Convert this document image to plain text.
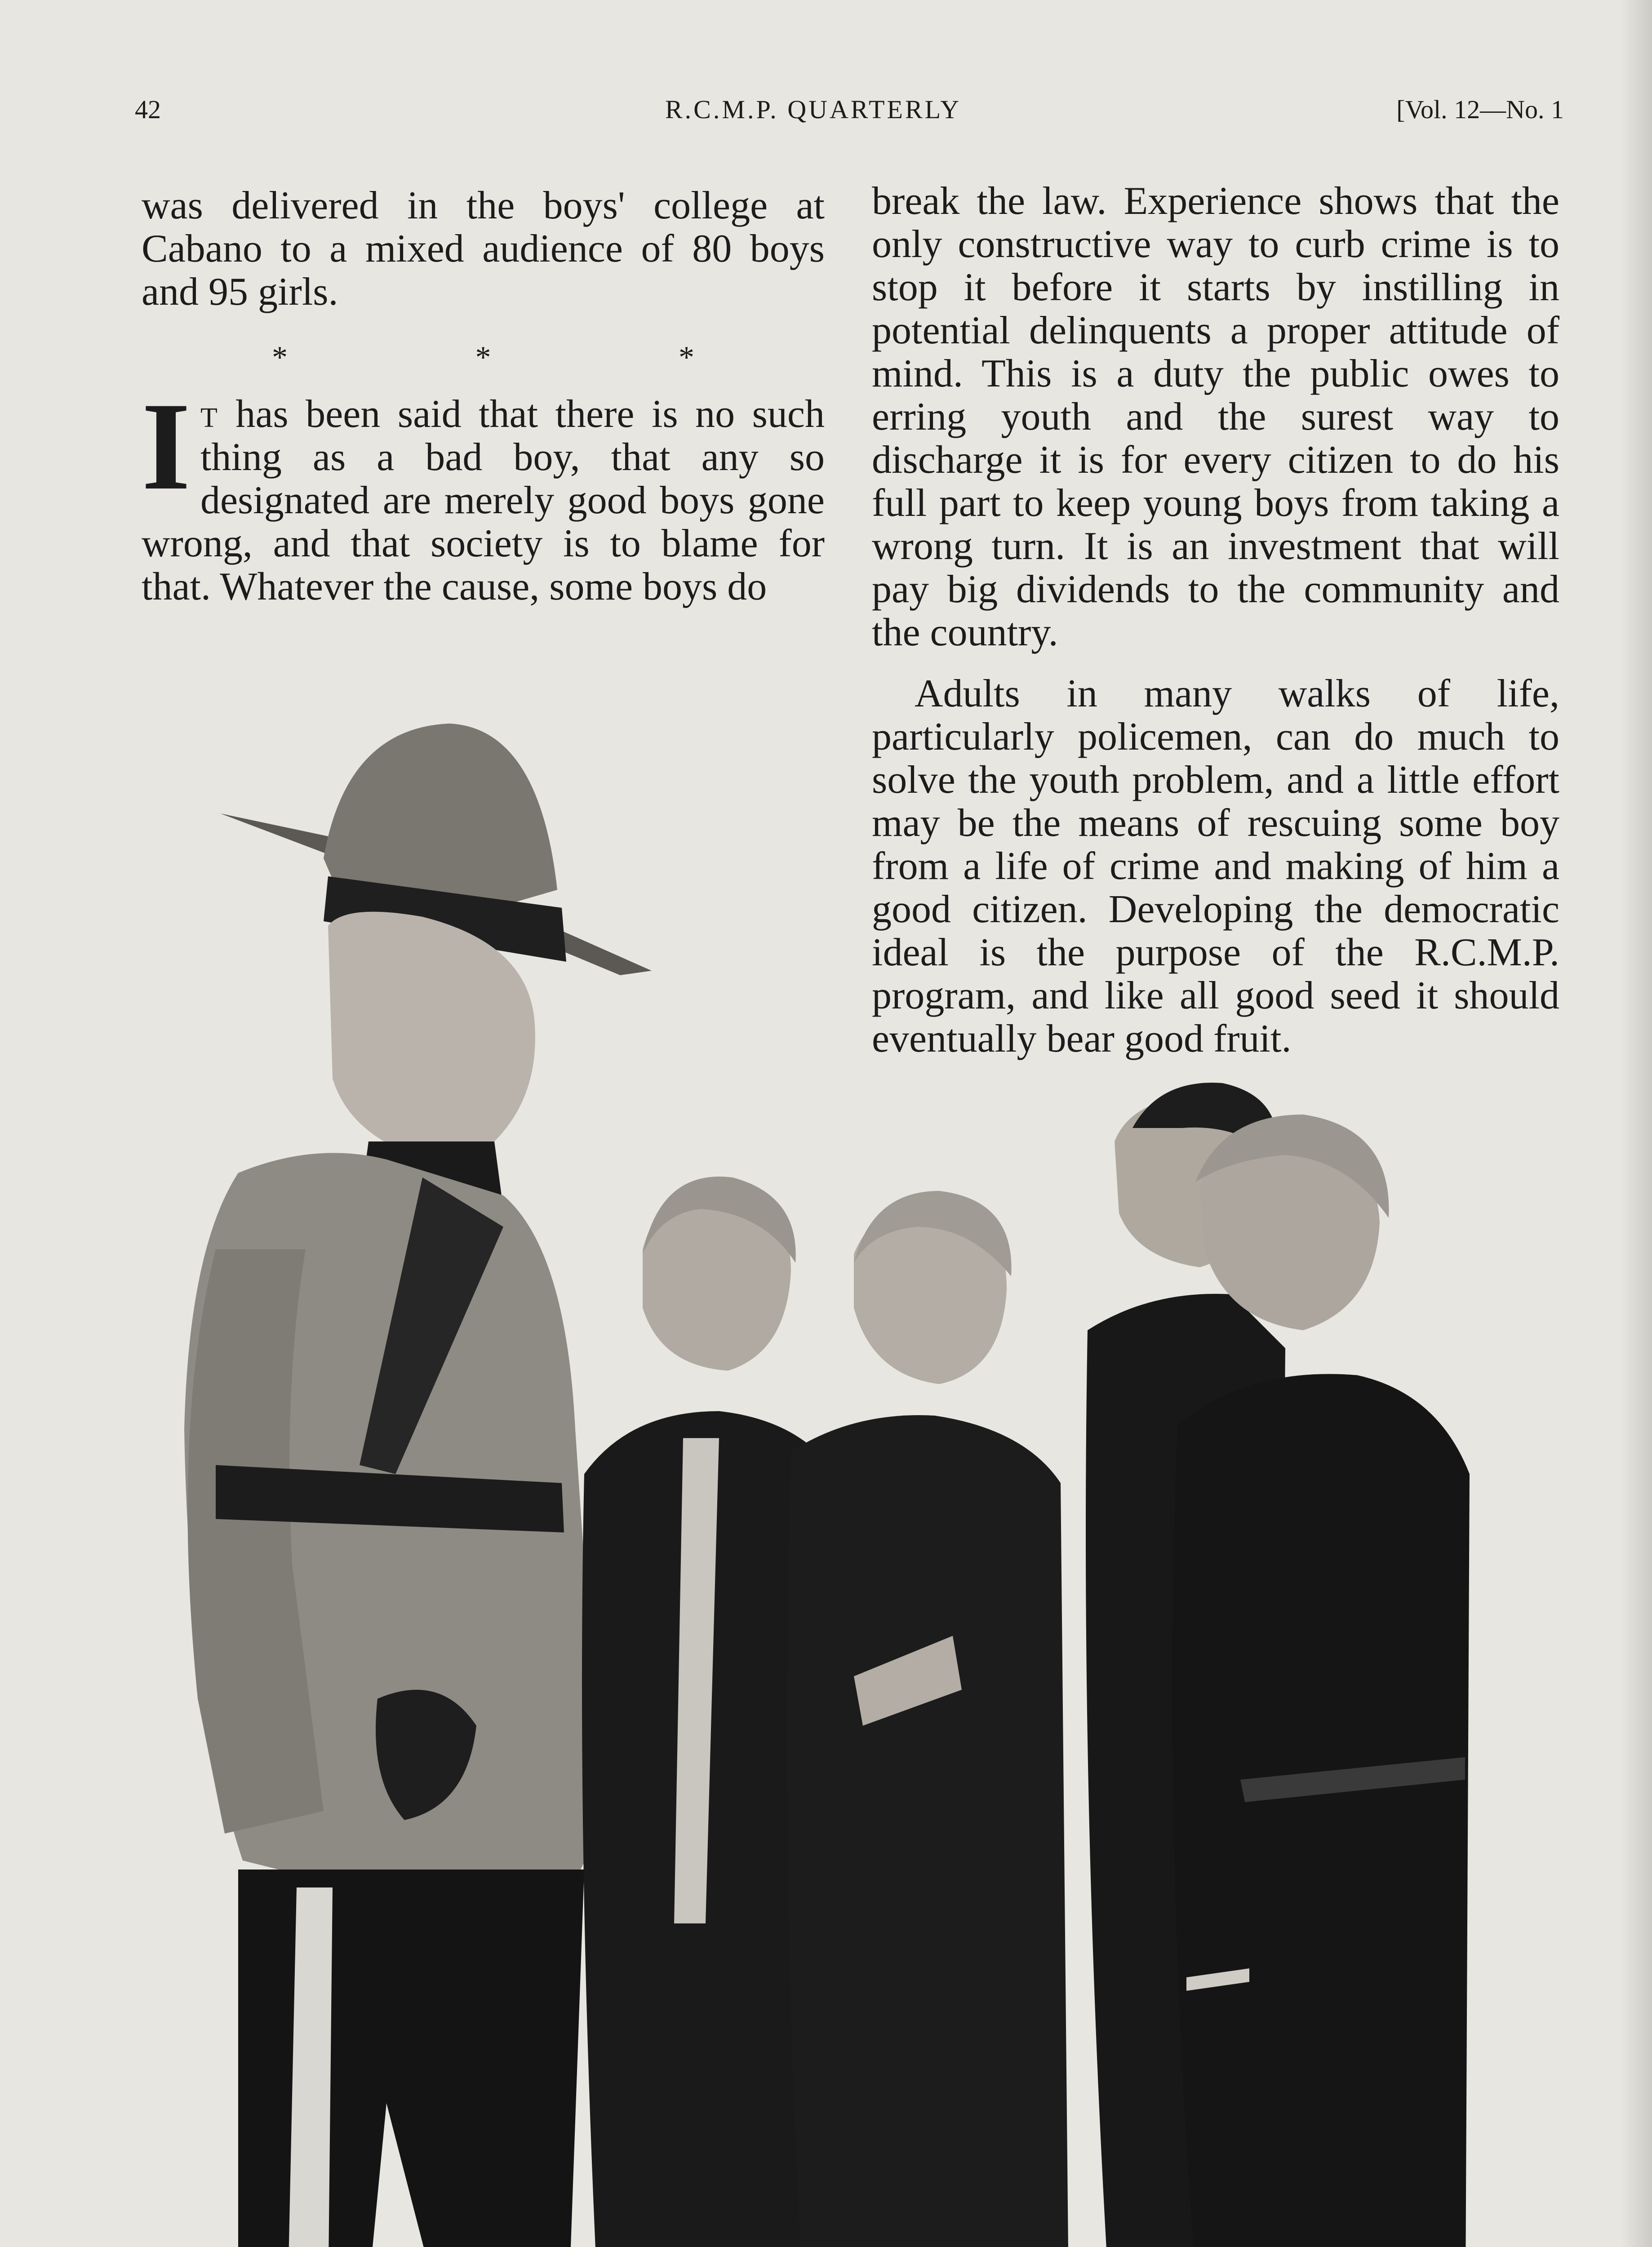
42	R.C.M.P. QUARTERLY	[Vol. 12—No. 1

was delivered in the boys' college at Cabano to a mixed audience of 80 boys and 95 girls.

* * *

It has been said that there is no such thing as a bad boy, that any so designated are merely good boys gone wrong, and that society is to blame for that. Whatever the cause, some boys do

break the law. Experience shows that the only constructive way to curb crime is to stop it before it starts by instilling in potential delinquents a proper attitude of mind. This is a duty the public owes to erring youth and the surest way to discharge it is for every citizen to do his full part to keep young boys from taking a wrong turn. It is an investment that will pay big dividends to the community and the country.

Adults in many walks of life, particularly policemen, can do much to solve the youth problem, and a little effort may be the means of rescuing some boy from a life of crime and making of him a good citizen. Developing the democratic ideal is the purpose of the R.C.M.P. program, and like all good seed it should eventually bear good fruit.
